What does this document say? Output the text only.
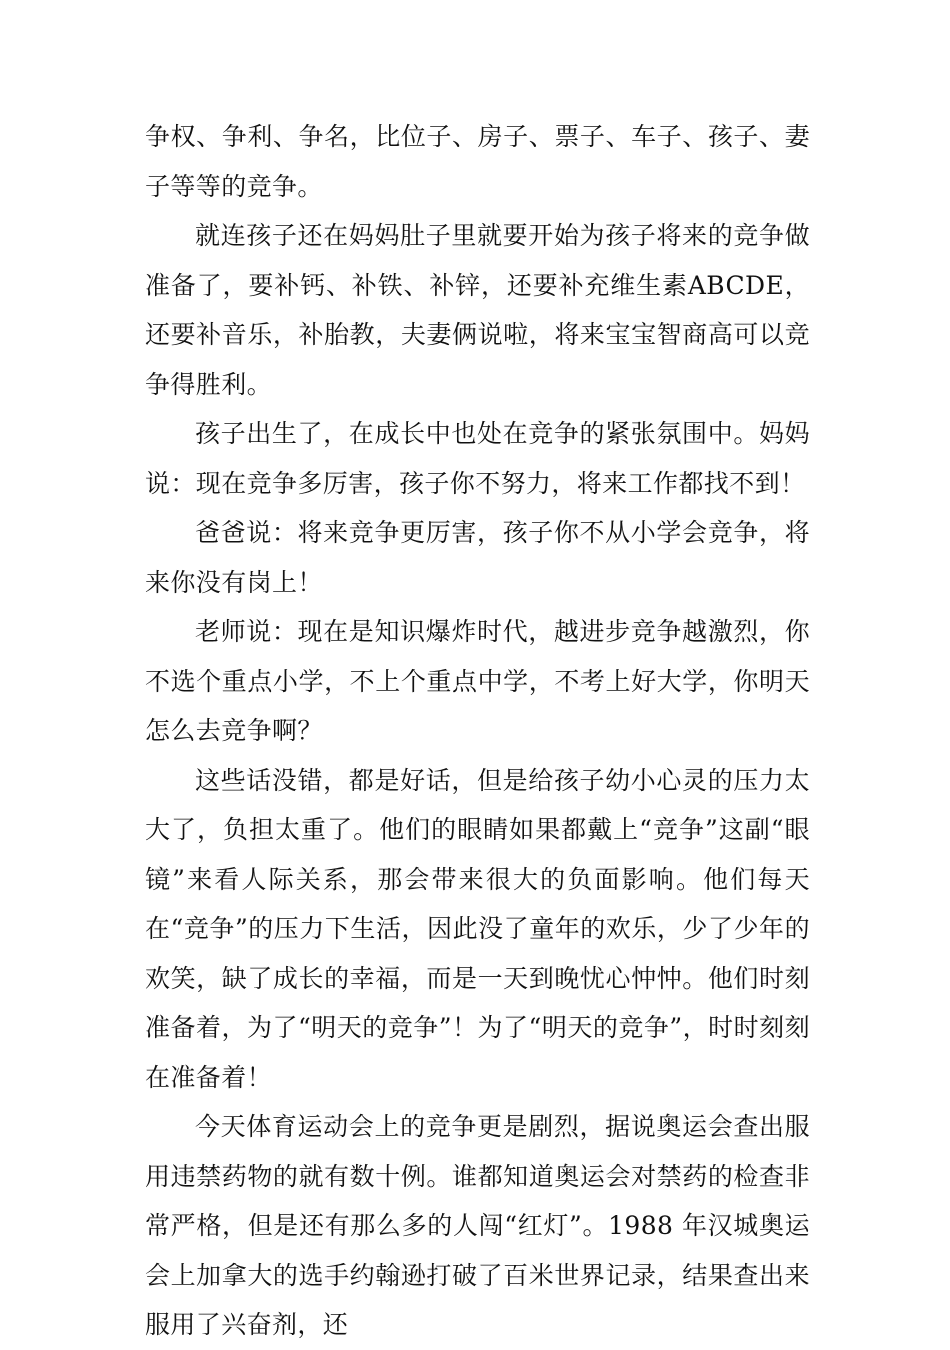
争权、争利、争名，比位子、房子、票子、车子、孩子、妻子等等的竞争。

就连孩子还在妈妈肚子里就要开始为孩子将来的竞争做准备了，要补钙、补铁、补锌，还要补充维生素ABCDE，还要补音乐，补胎教，夫妻俩说啦，将来宝宝智商高可以竞争得胜利。

孩子出生了，在成长中也处在竞争的紧张氛围中。妈妈说：现在竞争多厉害，孩子你不努力，将来工作都找不到！

爸爸说：将来竞争更厉害，孩子你不从小学会竞争，将来你没有岗上！

老师说：现在是知识爆炸时代，越进步竞争越激烈，你不选个重点小学，不上个重点中学，不考上好大学，你明天怎么去竞争啊？

这些话没错，都是好话，但是给孩子幼小心灵的压力太大了，负担太重了。他们的眼睛如果都戴上“竞争”这副“眼镜”来看人际关系，那会带来很大的负面影响。他们每天在“竞争”的压力下生活，因此没了童年的欢乐，少了少年的欢笑，缺了成长的幸福，而是一天到晚忧心忡忡。他们时刻准备着，为了“明天的竞争”！为了“明天的竞争”，时时刻刻在准备着！

今天体育运动会上的竞争更是剧烈，据说奥运会查出服用违禁药物的就有数十例。谁都知道奥运会对禁药的检查非常严格，但是还有那么多的人闯“红灯”。1988 年汉城奥运会上加拿大的选手约翰逊打破了百米世界记录，结果查出来服用了兴奋剂，还
